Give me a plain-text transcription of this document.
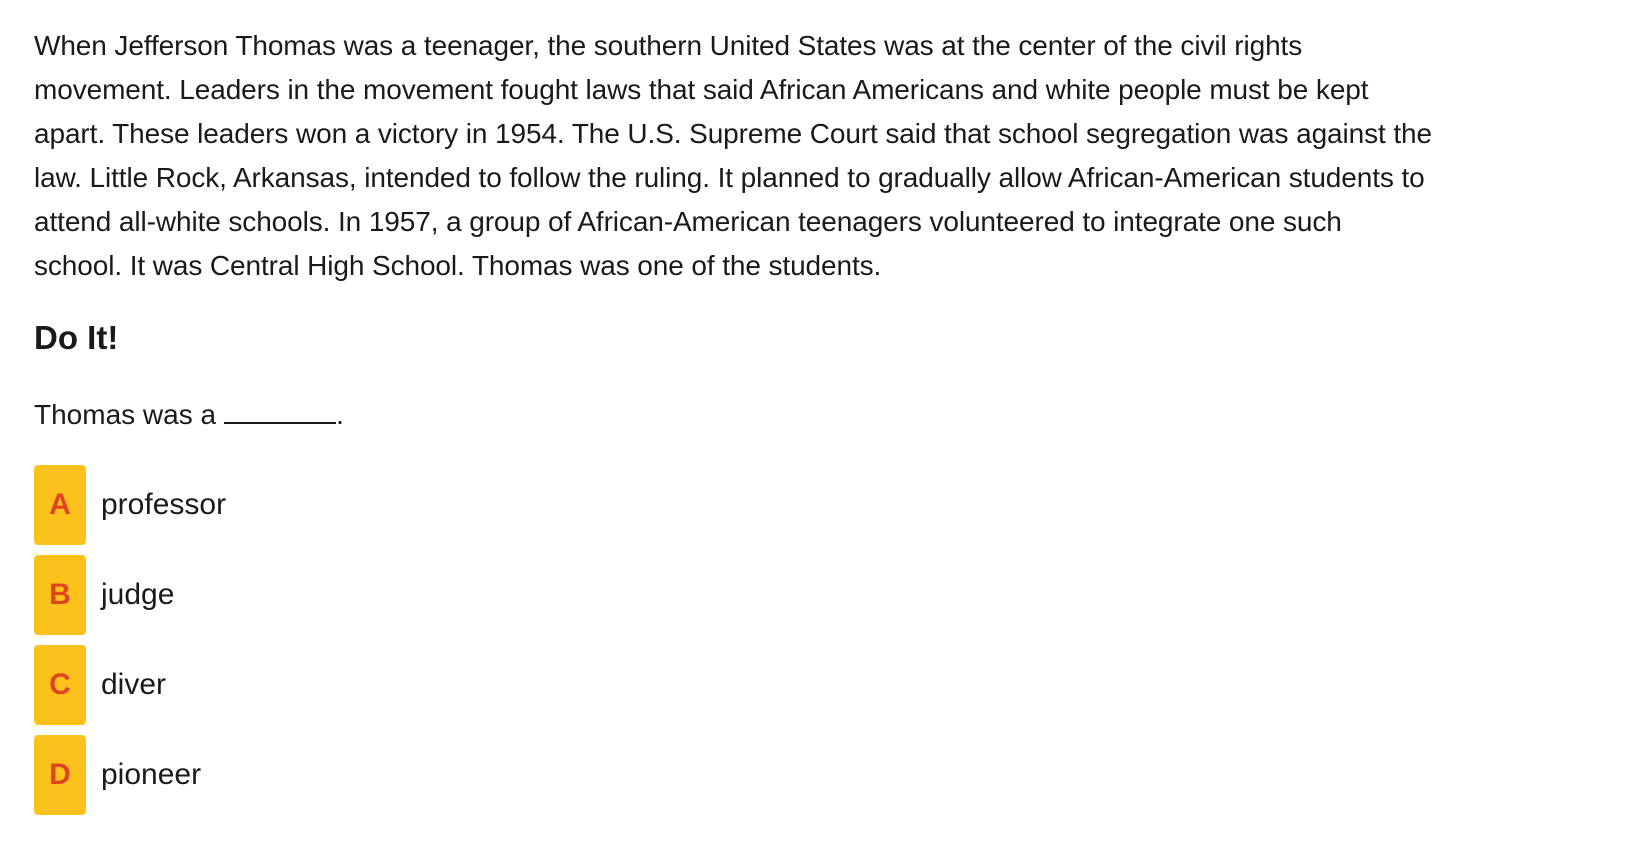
When Jefferson Thomas was a teenager, the southern United States was at the center of the civil rights
movement. Leaders in the movement fought laws that said African Americans and white people must be kept
apart. These leaders won a victory in 1954. The U.S. Supreme Court said that school segregation was against the
law. Little Rock, Arkansas, intended to follow the ruling. It planned to gradually allow African-American students to
attend all-white schools. In 1957, a group of African-American teenagers volunteered to integrate one such
school. It was Central High School. Thomas was one of the students.
Do It!

Thomas was a	.

A	professor
B	judge
C	diver
D	pioneer
